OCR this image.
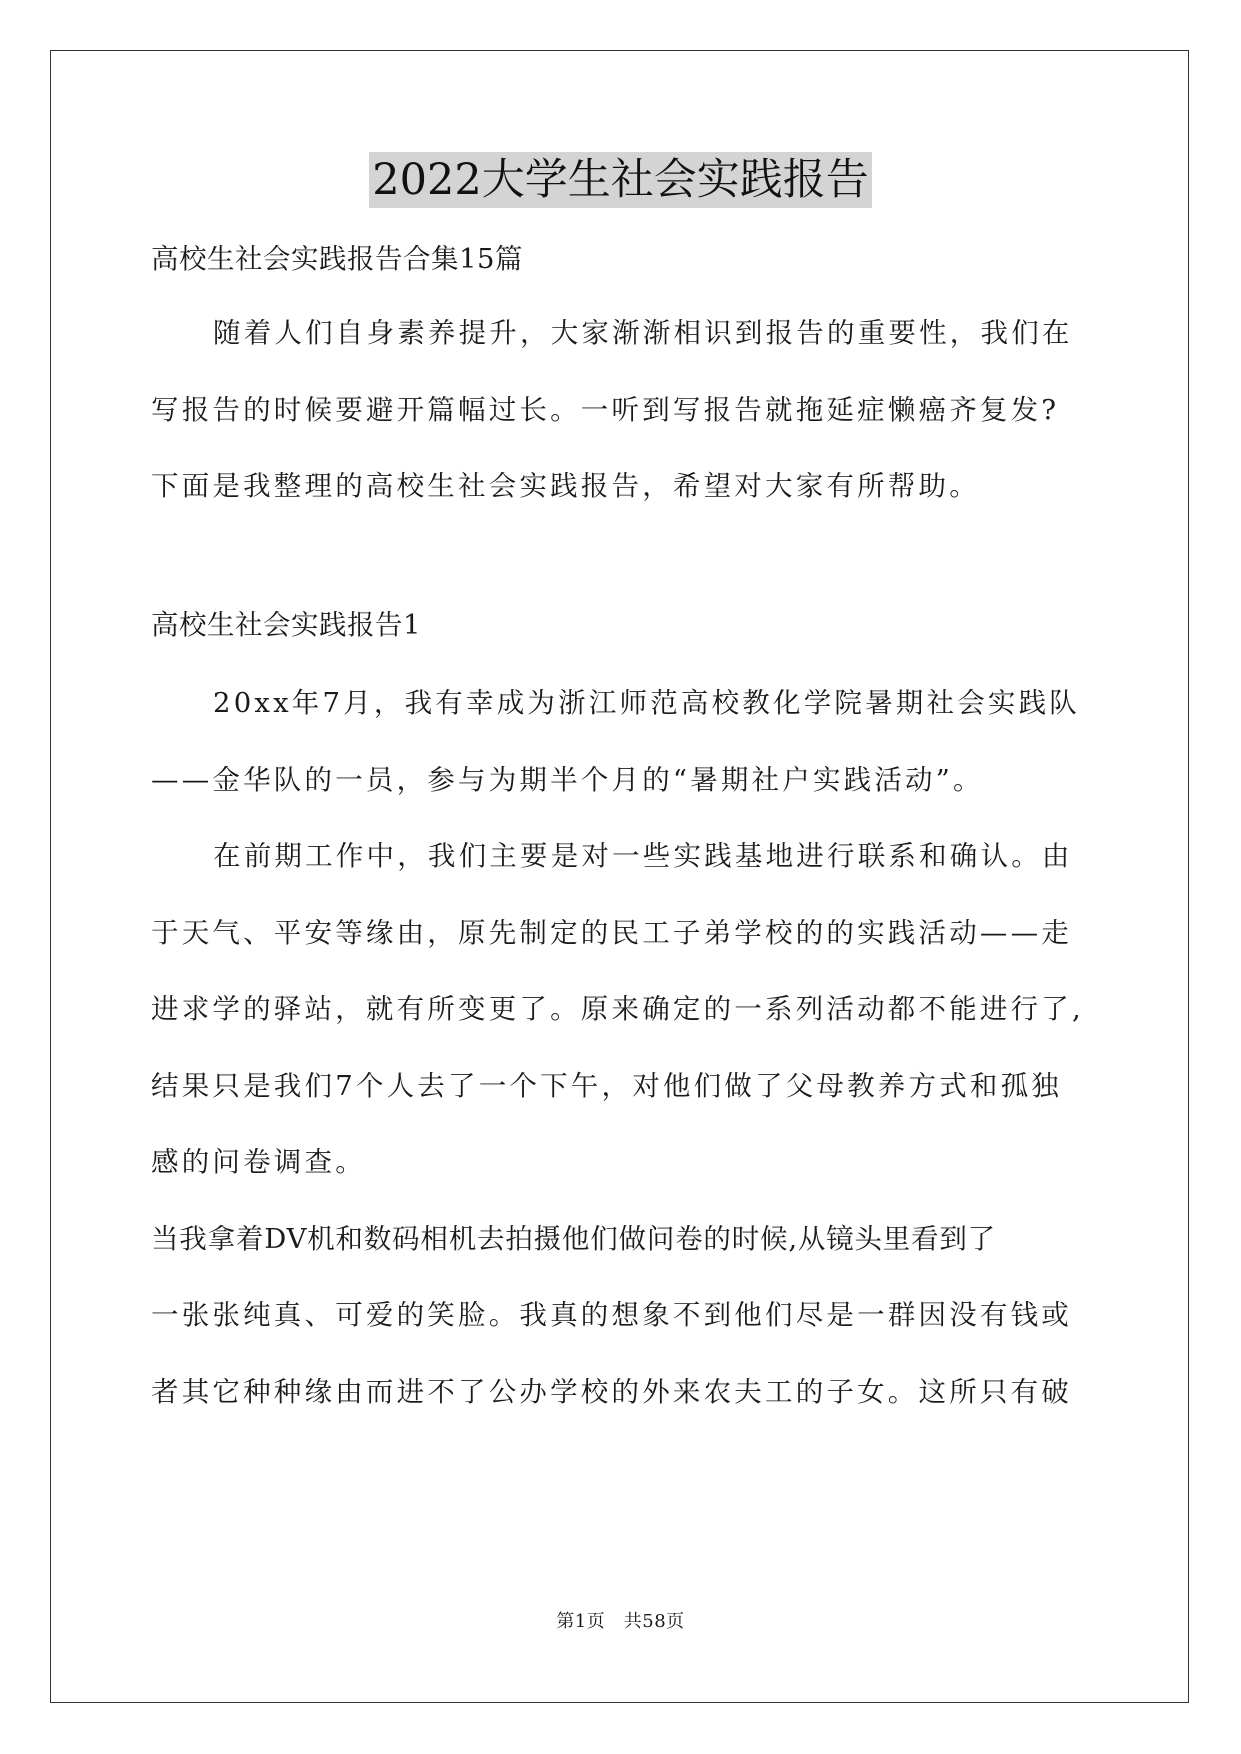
2022大学生社会实践报告
高校生社会实践报告合集15篇
随着人们自身素养提升，大家渐渐相识到报告的重要性，我们在
写报告的时候要避开篇幅过长。一听到写报告就拖延症懒癌齐复发?
下面是我整理的高校生社会实践报告，希望对大家有所帮助。
高校生社会实践报告1
20xx年7月，我有幸成为浙江师范高校教化学院暑期社会实践队
——金华队的一员，参与为期半个月的“暑期社户实践活动”。
在前期工作中，我们主要是对一些实践基地进行联系和确认。由
于天气、平安等缘由，原先制定的民工子弟学校的的实践活动——走
进求学的驿站，就有所变更了。原来确定的一系列活动都不能进行了,
结果只是我们7个人去了一个下午，对他们做了父母教养方式和孤独
感的问卷调查。
当我拿着DV机和数码相机去拍摄他们做问卷的时候,从镜头里看到了
一张张纯真、可爱的笑脸。我真的想象不到他们尽是一群因没有钱或
者其它种种缘由而进不了公办学校的外来农夫工的子女。这所只有破
第1页　共58页
